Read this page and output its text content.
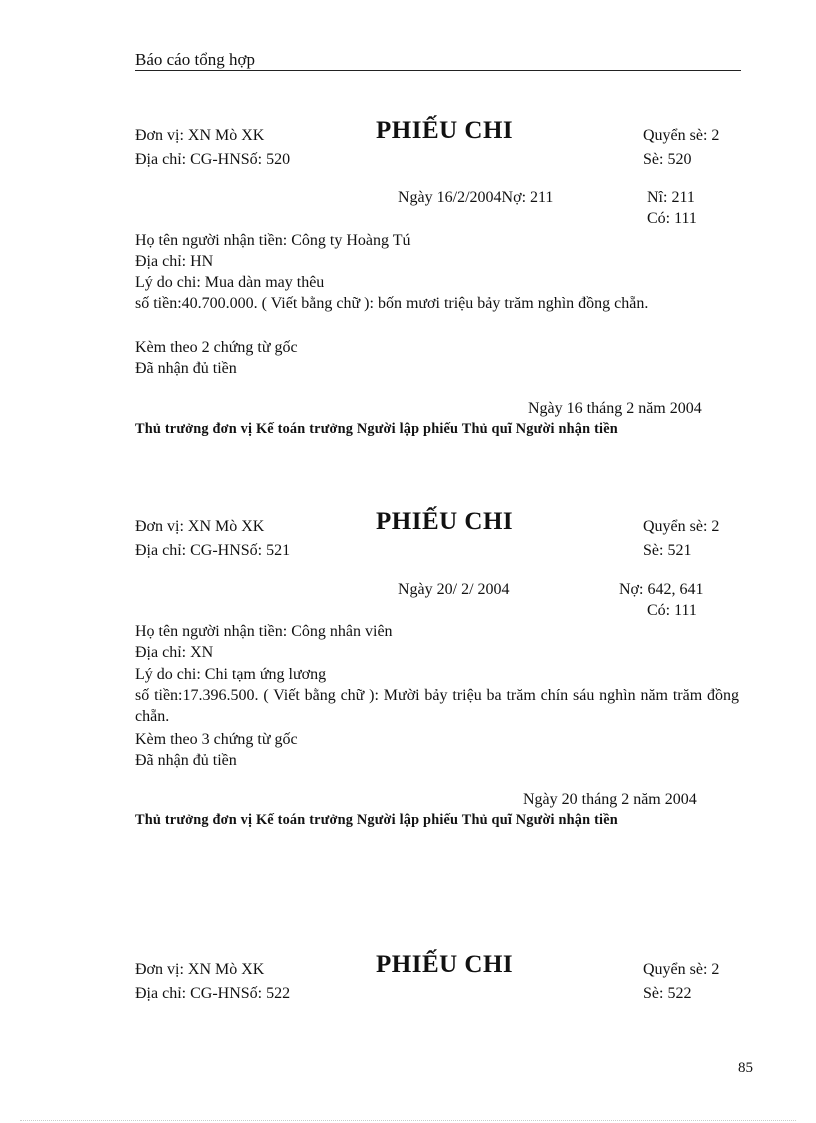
Báo cáo tổng hợp
Đơn vị: XN Mò XK	PHIẾU CHI	Quyển sè: 2
Địa chỉ: CG-HNSố: 520	Sè: 520
Ngày 16/2/2004Nợ: 211	Nî: 211
Có: 111
Họ tên người nhận tiền: Công ty Hoàng Tú
Địa chỉ: HN
Lý do chi: Mua dàn may thêu
số tiền:40.700.000. ( Viết bằng chữ ): bốn mươi triệu bảy trăm nghìn đồng chẵn.
Kèm theo 2 chứng từ gốc
Đã nhận đủ tiền
Ngày 16 tháng 2 năm 2004
Thủ trưởng đơn vị Kế toán trưởng Người lập phiếu Thủ quĩ Người nhận tiền
Đơn vị: XN Mò XK	PHIẾU CHI	Quyển sè: 2
Địa chỉ: CG-HNSố: 521	Sè: 521
Ngày 20/ 2/ 2004	Nợ: 642, 641
Có: 111
Họ tên người nhận tiền: Công nhân viên
Địa chỉ: XN
Lý do chi: Chi tạm ứng lương
số tiền:17.396.500. ( Viết bằng chữ ): Mười bảy triệu ba trăm chín sáu nghìn năm trăm đồng chẵn.
Kèm theo 3 chứng từ gốc
Đã nhận đủ tiền
Ngày 20 tháng 2 năm 2004
Thủ trưởng đơn vị Kế toán trưởng Người lập phiếu Thủ quĩ Người nhận tiền
Đơn vị: XN Mò XK	PHIẾU CHI	Quyển sè: 2
Địa chỉ: CG-HNSố: 522	Sè: 522
85
